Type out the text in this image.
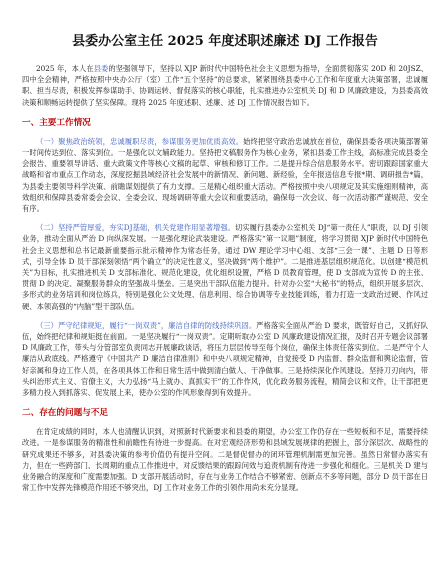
县委办公室主任 2025 年度述职述廉述 DJ 工作报告

2025 年，本人在县委的坚强领导下，坚持以 XJP 新时代中国特色社会主义思想为指导，全面贯彻落实 20D 和 20JSZ、四中全会精神，严格按照中央办公厅（室）工作“五个坚持”的总要求，紧紧围绕县委中心工作和年度重大决策部署，忠诚履职、担当尽责，积极发挥参谋助手、协调运转、督促落实的核心职能，扎实推进办公室机关 DJ 和 D 风廉政建设，为县委高效决策和顺畅运转提供了坚实保障。现将 2025 年度述职、述廉、述 DJ 工作情况报告如下。

一、主要工作情况

（一）聚焦政治统领，忠诚履职尽责，参谋服务更加优质高效。始终把坚守政治忠诚放在首位，确保县委各项决策部署第一时间传达到位、落实到位。一是强化以文辅政能力。坚持把文稿服务作为核心业务，紧扣县委工作主线，高标准完成县委全会报告、重要领导讲话、重大政策文件等核心文稿的起草、审核和修订工作。二是提升综合信息服务水平。密切跟踪国家重大战略和省市重点工作动态，深度挖掘县域经济社会发展中的新情况、新问题、新经验，全年报送信息专报*期、调研报告*篇，为县委主要领导科学决策、前瞻谋划提供了有力支撑。三是精心组织重大活动。严格按照中央八项规定及其实施细则精神，高效组织和保障县委常委会会议、全委会议、现场调研等重大会议和重要活动，确保每一次会议、每一次活动都严谨规范、安全有序。

（二）坚持严管厚爱，夯实DJ基础，机关党建作用显著增强。切实履行县委办公室机关 DJ“第一责任人”职责，以 DJ 引领业务，推动全面从严治 D 向纵深发展。一是强化理论武装建设。严格落实“第一议题”制度，将学习贯彻 XJP 新时代中国特色社会主义思想和总书记最新重要指示批示精神作为常态任务，通过 DW 理论学习中心组、支部“三会一课”、主题 D 日等形式，引导全体 D 员干部深刻领悟“两个确立”的决定性意义，坚决做到“两个维护”。二是推进基层组织规范化。以创建“模范机关”为目标，扎实推进机关 D 支部标准化、规范化建设，优化组织设置，严格 D 员教育管理，使 D 支部成为宣传 D 的主张、贯彻 D 的决定、凝聚服务群众的坚强战斗堡垒。三是突出干部队伍能力提升。针对办公室“大秘书”的特点，组织开展多层次、多形式的业务培训和岗位练兵，特别是强化公文处理、信息利用、综合协调等专业技能训练，着力打造一支政治过硬、作风过硬、本领高强的“内脑”型干部队伍。

（三）严守纪律规矩，履行“一岗双责”，廉洁自律的防线持续巩固。严格落实全面从严治 D 要求，既管好自己，又抓好队伍，始终把纪律和规矩挺在前面。一是坚决履行“一岗双责”。定期听取办公室 D 风廉政建设情况汇报，及时召开专题会议部署 D 风廉政工作，带头与分管部室负责同志开展廉政谈话，将压力层层传导至每个岗位，确保主体责任落实到位。二是严守个人廉洁从政底线。严格遵守《中国共产 D 廉洁自律准则》和中央八项规定精神，自觉接受 D 内监督、群众监督和舆论监督，管好亲属和身边工作人员，在各项具体工作和日常生活中做到清白做人、干净做事。三是持续深化作风建设。坚持刀刃向内，带头纠治形式主义、官僚主义，大力弘扬“马上就办、真抓实干”的工作作风，优化政务服务流程，精简会议和文件，让干部把更多精力投入到抓落实、促发展上来，使办公室的作风形象得到有效提升。

二、存在的问题与不足

在肯定成绩的同时，本人也清醒认识到，对照新时代新要求和县委的期望，办公室工作仍存在一些短板和不足，需要持续改进。一是参谋服务的精准性和前瞻性有待进一步提高。在对宏观经济形势和县域发展规律的把握上，部分深层次、战略性的研究成果还不够多，对县委决策的参考价值仍有提升空间。二是督促督办的闭环管理机制需更加完善。虽然日常督办落实有力，但在一些跨部门、长周期的重点工作推进中，对反馈结果的跟踪问效与追责机制有待进一步强化和细化。三是机关 D 建与业务融合的深度和广度需要加强。D 支部开展活动时，存在与业务工作结合不够紧密、创新点不多等问题，部分 D 员干部在日常工作中发挥先锋模范作用还不够突出，DJ 工作对业务工作的引领作用尚未充分显现。
